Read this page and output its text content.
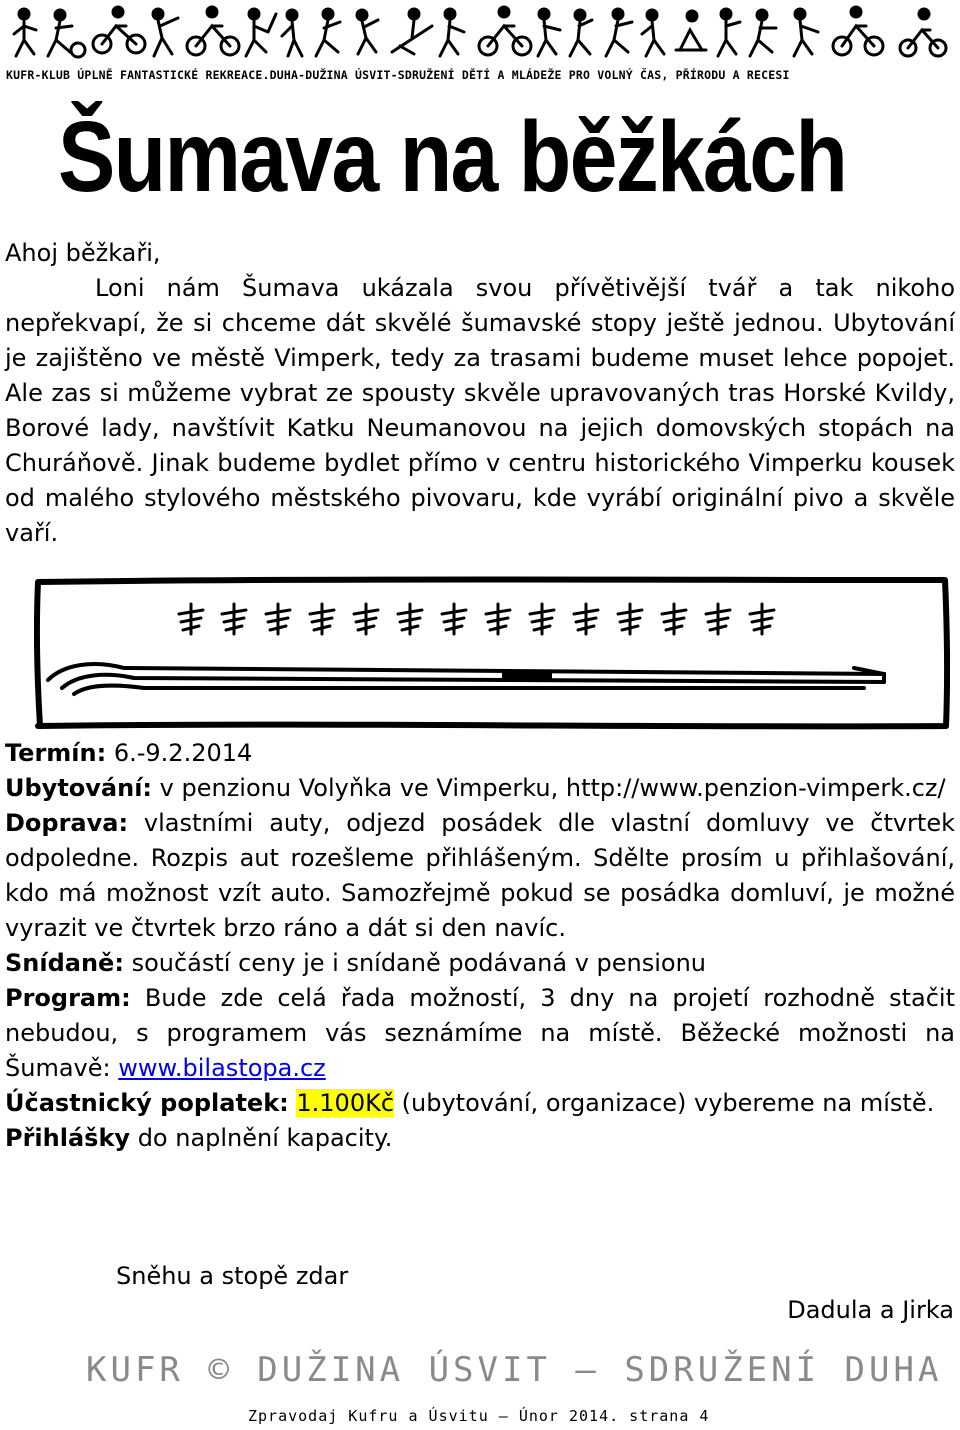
KUFR-KLUB ÚPLNĚ FANTASTICKÉ REKREACE.DUHA-DUŽINA ÚSVIT-SDRUŽENÍ DĚTÍ A MLÁDEŽE PRO VOLNÝ ČAS, PŘÍRODU A RECESI
Šumava na běžkách
Ahoj běžkaři,
Loni nám Šumava ukázala svou přívětivější tvář a tak nikoho nepřekvapí, že si chceme dát skvělé šumavské stopy ještě jednou. Ubytování je zajištěno ve městě Vimperk, tedy za trasami budeme muset lehce popojet. Ale zas si můžeme vybrat ze spousty skvěle upravovaných tras Horské Kvildy, Borové lady, navštívit Katku Neumanovou na jejich domovských stopách na Churáňově. Jinak budeme bydlet přímo v centru historického Vimperku kousek od malého stylového městského pivovaru, kde vyrábí originální pivo a skvěle vaří.

Termín: 6.-9.2.2014

Ubytování: v penzionu Volyňka ve Vimperku, http://www.penzion-vimperk.cz/

Doprava: vlastními auty, odjezd posádek dle vlastní domluvy ve čtvrtek odpoledne. Rozpis aut rozešleme přihlášeným. Sdělte prosím u přihlašování, kdo má možnost vzít auto. Samozřejmě pokud se posádka domluví, je možné vyrazit ve čtvrtek brzo ráno a dát si den navíc.

Snídaně: součástí ceny je i snídaně podávaná v pensionu

Program: Bude zde celá řada možností, 3 dny na projetí rozhodně stačit nebudou, s programem vás seznámíme na místě. Běžecké možnosti na Šumavě: www.bilastopa.cz

Účastnický poplatek: 1.100Kč (ubytování, organizace) vybereme na místě.

Přihlášky do naplnění kapacity.

Sněhu a stopě zdar
Dadula a Jirka
KUFR © DUŽINA ÚSVIT – SDRUŽENÍ DUHA
Zpravodaj Kufru a Úsvitu – Únor 2014. strana 4
